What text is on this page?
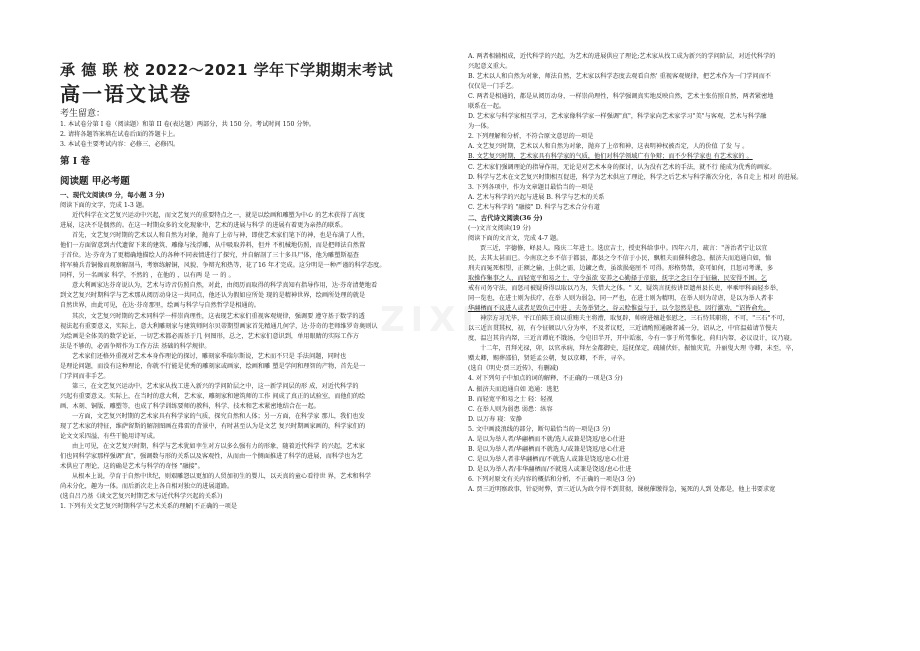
ZIXIN
承 德 联 校 2022～2021 学年下学期期末考试
高一语文试卷
考生留意：
1. 本试卷分第 I 卷（阅读题）和第 II 卷(表达题）两部分，共 150 分。考试时间 150 分钟。
2. 请将各题答案填在试卷后面的答题卡上。
3. 本试卷主要考试内容：必修三、必修四。
第 I 卷
阅读题 甲必考题
一、现代文阅读(9 分，每小题 3 分)
阅读下面的文字，完成 1-3 题。
近代科学在文艺复兴运动中兴起，而文艺复兴的重要特点之一，就是以绘画和雕塑为中心 的艺术获得了高度
进展，这决不是偶然的。在这一时期众多的文化现象中，艺术的进展与科学 的进展有着更为亲热的联系。
首先，文艺复兴时期的艺术以人和自然为对象，抛弃了上帝与神，即使艺术家们笔下的神，也是布满了人性，
他们一方面留意到古代遗留下来的建筑、雕像与浅浮雕，从中吸取养料，但并 不机械地仿照，而是把师法自然置
于首位。达·芬奇为了更精确地描绘人的各种不同表情进行了探究，并自解剖了三十多具尸体，他为雕塑斯福查
将军骑兵青铜像而观察解剖马，考察练解铜，风貌、争辩光和热等，花了16 年才完成。这分明是一种严谨的科学态度。
同样，另一名画家 科学，不然的 ，在他的 ，以有两 是 一 的 。
意大利画家达芬奇说认为，艺术与诗音仿照自然，对此，由阅历而取得的科学真知有指导作用，达·芬奇清楚地看
到文艺复兴时期科学与艺术那从阅历动身这一共同点，他还认为假如应所处 现的是精神世界，绘画所处理的就是
自然世界，由此可见，在达·芬奇那里，绘画与科学与自然哲学是相通的。
其次，文艺复兴时期的艺术同科学一样崇尚理性，这表现艺术家们重视客观规律，强调要 遵守基于数学的透
视法起有重要意义，实际上，意大利雕刻家与建筑师阿尔贝蒂期望画家首先精通几何学，达·芬奇的老师维罗奇奥则认
为绘画是全体美的数学论证，一切艺术都必需基于几 何图形，总之，艺术家们意识到，单用眼睛的实际工作方
法是不够的，必需争辩作为工作方法 基础的科学规律。
艺术家们还格外重视对艺术本身作理论的探讨，雕刻家季瑞尔斯说，艺术而不只是 手法问题，同时也
是理论问题，而没有这种理论，你就不行能是优秀的雕刻家或画家，绘画和雕 塑是学问和理智的产物，首先是一
门学问而非手艺。
第三，在文艺复兴运动中，艺术家从找工进入新兴的学问阶层之中，这一新学问层的形 成，对近代科学的
兴起有重要意义。实际上，在当时的意大利，艺术家，雕刻家和建筑师的工作 间成了真正的试验室，而他们的绘
画、木刻、铜版、雕塑等，也成了科学训练要师的教科，科学、技术和艺术紧密地结合在一起。
一方面，文艺复兴时期的艺术家具有科学家的气质，探究自然和人体；另一方面，在科学家 那儿，我们也发
现了艺术家的特征，维萨留斯的解剖图画在弗雷的背景中，有时甚至认为是文艺 复兴时期画家画的，科学家们的
论文文采四溢，有些干脆用诗写成。
由上可见，在文艺复兴时期，科学与艺术犹如孪生对方以多么强有力的形象，随着近代科学 的兴起，艺术家
们也同科学家那样强调"真"，强调数与形的关系以及客观性，从而由一个侧面推进了科学的进展，而科学也为艺
术供应了理论，这的确是艺术与科学的奇怪 "融接"。
从根本上说，孕育于自然中世纪，则艰雕怨以更加的人贸加初生的婴儿，以天真的童心看待世 界，艺术和科学
尚未分化，趣为一体。而后新次走上各自相对独立的进展道路。
(选自吕乃基《谈文艺复兴时期艺术与近代科学兴起的关系》)
1. 下列有关文艺复兴时期科学与艺术关系的理解|不正确的一项是
A. 两者相辅相成，近代科学的兴起，为艺术的进展供应了理论;艺术家从找工成为新兴的学问阶层，对近代科学的
兴起意义重大。
B. 艺术以人和自然为对象，师法自然，艺术家以科学态度去观看自然' 重视客观规律，把艺术作为一门学问而不
仅仅是一门手艺。
C. 两者是相通的，都是从阅历动身，一样崇尚理性，科学强调真实地反映自然，艺术主张仿照自然，两者紧密地
联系在一起。
D. 艺术家与科学家相互学习，艺术家像科学家一样强调"真"，科学家向艺术家学习"美"与客观，艺术与科学融
为一体。
2. 下列理解和分析，不符合原文意思的一项是
A. 文艺复兴时期，艺术以人和自然为对象，抛弃了上帝和神，这表明神权被否定，人的价值 了发 与 。
B. 文艺复兴时期，艺术家具有科学家的气质，他们对科学领域广有争辩；而不少科学家也 有艺术家的 。
C. 艺术家们强调理论的指导作用，无论是对艺术本身的探讨，认为没有艺术的手法，就不行 能成为优秀的画家。
D. 科学与艺术在文艺复兴时期相互促进，科学为艺术供应了理论，科学之后艺术与科学渐次分化，各自走上 相对 的进展。
3. 下列各项中，作为文章题目最恰当的一项是
A. 艺术与科学的兴起与进展 B. 科学与艺术的关系
C. 艺术与科学的 "融接" D. 科学与艺术合分有道
二、古代诗文阅读(36 分)
(一)文言文阅读(19 分)
阅读下面的文言文，完成 4-7 题。
贾三近，字德修，峄县人。隆庆二年进士。选庶吉士，授吏科给事中。四年六月，疏言："善治者宁让以宜
民，去其太甚而已。今南京之乡不信于都县，都县之令不信于小民，飘租夫而催科愈急，振济夫而追通自如，恤
刑夫而冤死相望，正额之输，上供之需，边鑛之费，虽欲损毫厘不 可得。形格势禁，莫可如何，且惩司考课，多
取操作集事之人，而轻宽平和易之士，守令虽欲 安养之心勤择于帝旅，抚字之念日夺于征输，民安得不困。乞
戒有司务守法，而惩司被疑昏得以取以乃为，失惜大之体。" 又，疑筑言抚按讲臣遗州县长吏，率乘甲科面轻乡举，
同一览也，在进士则为扶疗，在举 人则为弱急，同一严也，在进士则为精明，在举人则为苛虐，是以为举人者非
华翮栖而不议进人或者足毁负己中进 ，夫务举贤之，谷云赊惟益与于，以令忽然是也，因行激劝，"诏皆俞允。
神宗方习无毕，平江伯陈王谟以重贿夫主将漕，取复辟，帅府进嬗赴张慰之，三石恃其职将，不可，"三石"不可，
以三近言贯其权，初，有令征顿以八分为率，不及者议贬，三近请酌照通融者减一分，诏从之，中官温茹请节慢夫
度，温岂其肯内帑，三近言谭庇不饿汤，令皂旧半开，开中诟塞，今有一事于所驾惟化，荷归内帑，必议设计，议乃寝。
十二年，召拜光禄，卯，以官承病，拜左金都御史，巡抚保定，疏辅伏奸，振恤灾荒，升丽叟大理 寺卿，未至，卒，
赠太卿，赐葬邵伯，贤延孟公朝，复以京卿，不许，寻卒。
(选自《明史·贾三近传》，有删减)
4. 对下列句子中加点的词的解释，不正确的一项是(3 分)
A. 振济夫而追通自如 追通：逃犯
B. 而轻宽平和易之士 轻：轻视
C. 在举人则为弱患 弱患：纵容
D. 以万寿 寝：安静
5. 文中画波浪线的部分，断句最恰当的一项是(3 分)
A. 是以为举人者/华翮栖而不就/选人或兼是饶返/息心仕进
B. 是以为举人者/华翮栖而不就选人/或兼是饶返/息心仕进
C. 是以为举人者非华翮栖而/不就选人或兼是饶返/息心仕进
D. 是以为举人者/非华翮栖而/不就选人或兼是饶返/息心仕进
6. 下列对原文有关内容的概括和分析，不正确的一项是(3 分)
A. 贾三近明察政事，针砭时弊，贾三近认为政令得不到贯彻，课税催缴得急，冤死的人到 处都是，他上书要求宽
